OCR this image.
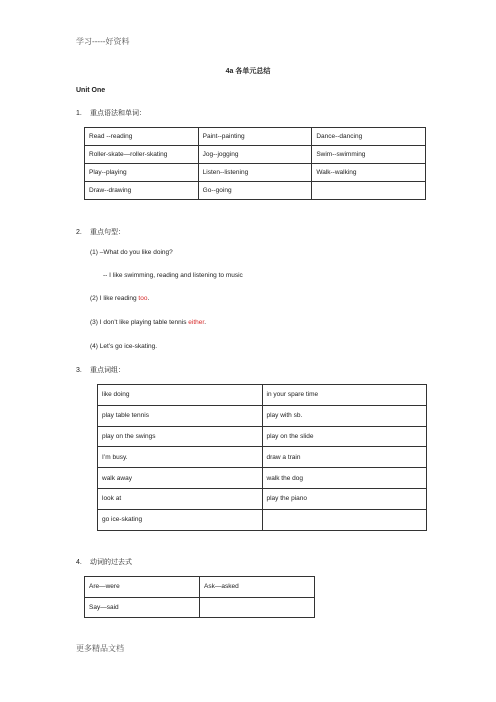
学习-----好资料
4a 各单元总结
Unit One
1. 重点语法和单词：
Read --reading	Paint--painting	Dance--dancing
Roller-skate—roller-skating	Jog--jogging	Swim--swimming
Play--playing	Listen--listening	Walk--walking
Draw--drawing	Go--going	
2. 重点句型：
(1) –What do you like doing?
-- I like swimming, reading and listening to music
(2) I like reading too.
(3) I don’t like playing table tennis either.
(4) Let’s go ice-skating.
3. 重点词组：
like doing	in your spare time
play table tennis	play with sb.
play on the swings	play on the slide
I’m busy.	draw a train
walk away	walk the dog
look at	play the piano
go ice-skating	
4. 动词的过去式
Are—were	Ask—asked
Say—said	
更多精品文档
